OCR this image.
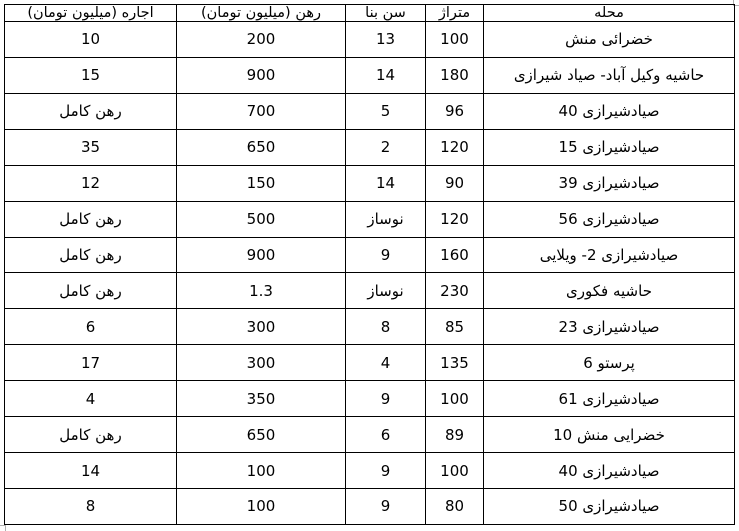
محله	متراژ	سن بنا	رهن (میلیون تومان)	اجاره (میلیون تومان)
خضرائی منش	100	13	200	10
حاشیه وکیل آباد- صیاد شیرازی	180	14	900	15
صیادشیرازی 40	96	5	700	رهن کامل
صیادشیرازی 15	120	2	650	35
صیادشیرازی 39	90	14	150	12
صیادشیرازی 56	120	نوساز	500	رهن کامل
صیادشیرازی 2- ویلایی	160	9	900	رهن کامل
حاشیه فکوری	230	نوساز	1.3	رهن کامل
صیادشیرازی 23	85	8	300	6
پرستو 6	135	4	300	17
صیادشیرازی 61	100	9	350	4
خضرایی منش 10	89	6	650	رهن کامل
صیادشیرازی 40	100	9	100	14
صیادشیرازی 50	80	9	100	8
